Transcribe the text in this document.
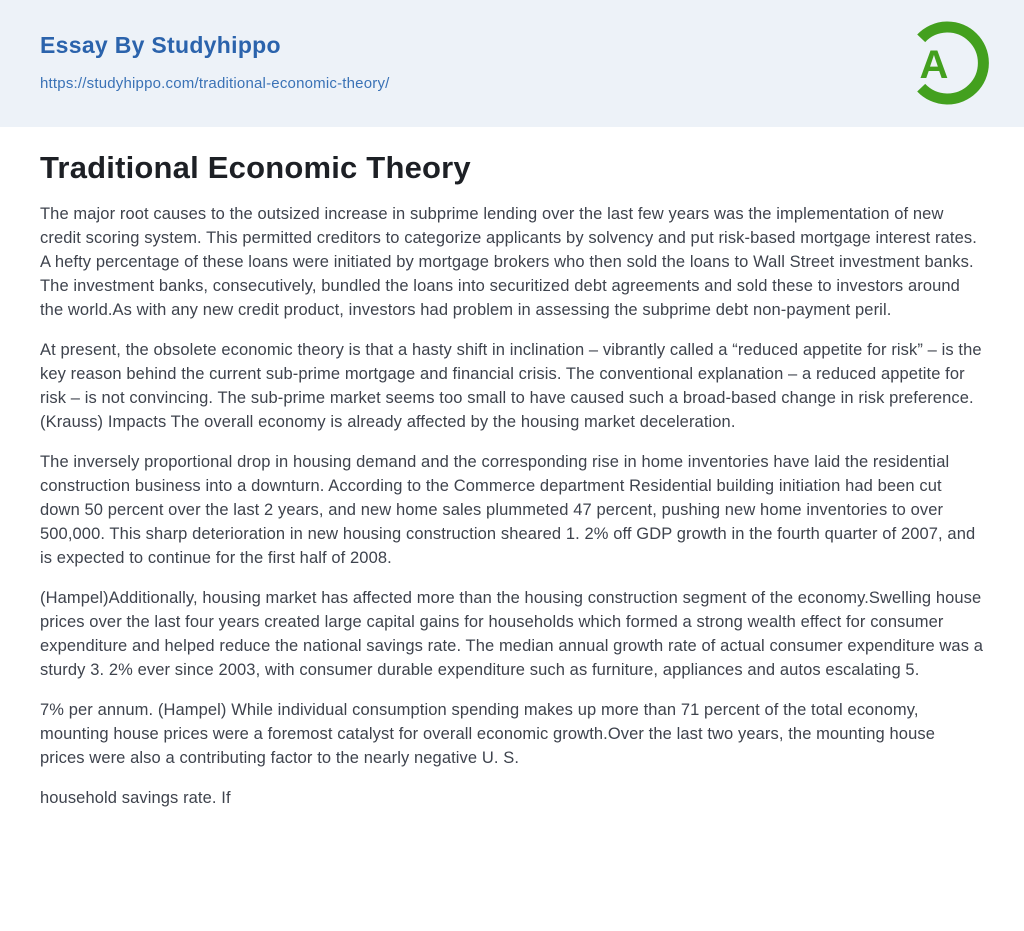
Essay By Studyhippo
https://studyhippo.com/traditional-economic-theory/	A
Traditional Economic Theory

The major root causes to the outsized increase in subprime lending over the last few years was the implementation of new credit scoring system. This permitted creditors to categorize applicants by solvency and put risk-based mortgage interest rates. A hefty percentage of these loans were initiated by mortgage brokers who then sold the loans to Wall Street investment banks. The investment banks, consecutively, bundled the loans into securitized debt agreements and sold these to investors around the world.As with any new credit product, investors had problem in assessing the subprime debt non-payment peril.

At present, the obsolete economic theory is that a hasty shift in inclination – vibrantly called a “reduced appetite for risk” – is the key reason behind the current sub-prime mortgage and financial crisis. The conventional explanation – a reduced appetite for risk – is not convincing. The sub-prime market seems too small to have caused such a broad-based change in risk preference. (Krauss) Impacts The overall economy is already affected by the housing market deceleration.

The inversely proportional drop in housing demand and the corresponding rise in home inventories have laid the residential construction business into a downturn. According to the Commerce department Residential building initiation had been cut down 50 percent over the last 2 years, and new home sales plummeted 47 percent, pushing new home inventories to over 500,000. This sharp deterioration in new housing construction sheared 1. 2% off GDP growth in the fourth quarter of 2007, and is expected to continue for the first half of 2008.

(Hampel)Additionally, housing market has affected more than the housing construction segment of the economy.Swelling house prices over the last four years created large capital gains for households which formed a strong wealth effect for consumer expenditure and helped reduce the national savings rate. The median annual growth rate of actual consumer expenditure was a sturdy 3. 2% ever since 2003, with consumer durable expenditure such as furniture, appliances and autos escalating 5.

7% per annum. (Hampel) While individual consumption spending makes up more than 71 percent of the total economy, mounting house prices were a foremost catalyst for overall economic growth.Over the last two years, the mounting house prices were also a contributing factor to the nearly negative U. S.

household savings rate. If
